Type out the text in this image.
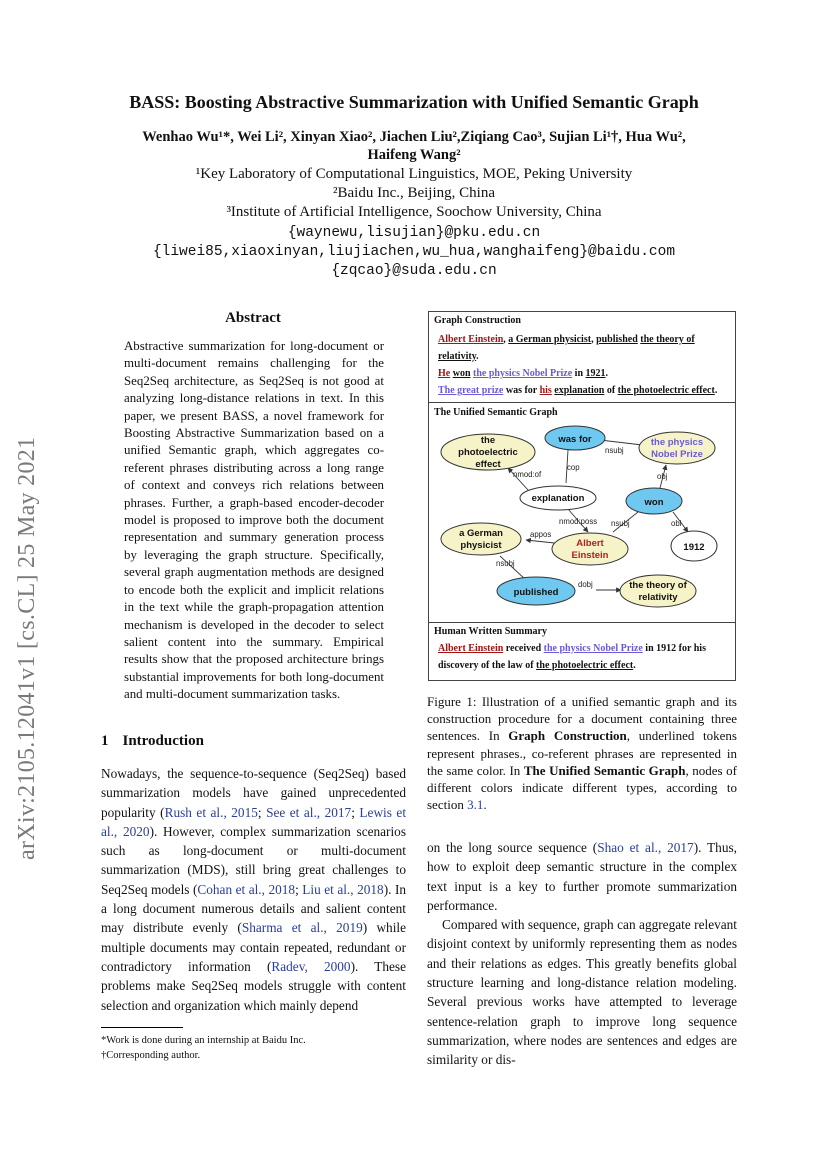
arXiv:2105.12041v1 [cs.CL] 25 May 2021
BASS: Boosting Abstractive Summarization with Unified Semantic Graph
Wenhao Wu¹*, Wei Li², Xinyan Xiao², Jiachen Liu²,Ziqiang Cao³, Sujian Li¹†, Hua Wu²,
Haifeng Wang²
¹Key Laboratory of Computational Linguistics, MOE, Peking University
²Baidu Inc., Beijing, China
³Institute of Artificial Intelligence, Soochow University, China
{waynewu,lisujian}@pku.edu.cn
{liwei85,xiaoxinyan,liujiachen,wu_hua,wanghaifeng}@baidu.com
{zqcao}@suda.edu.cn
Abstract
Abstractive summarization for long-document or multi-document remains challenging for the Seq2Seq architecture, as Seq2Seq is not good at analyzing long-distance relations in text. In this paper, we present BASS, a novel framework for Boosting Abstractive Summarization based on a unified Semantic graph, which aggregates co-referent phrases distributing across a long range of context and conveys rich relations between phrases. Further, a graph-based encoder-decoder model is proposed to improve both the document representation and summary generation process by leveraging the graph structure. Specifically, several graph augmentation methods are designed to encode both the explicit and implicit relations in the text while the graph-propagation attention mechanism is developed in the decoder to select salient content into the summary. Empirical results show that the proposed architecture brings substantial improvements for both long-document and multi-document summarization tasks.
1 Introduction
Nowadays, the sequence-to-sequence (Seq2Seq) based summarization models have gained unprecedented popularity (Rush et al., 2015; See et al., 2017; Lewis et al., 2020). However, complex summarization scenarios such as long-document or multi-document summarization (MDS), still bring great challenges to Seq2Seq models (Cohan et al., 2018; Liu et al., 2018). In a long document numerous details and salient content may distribute evenly (Sharma et al., 2019) while multiple documents may contain repeated, redundant or contradictory information (Radev, 2000). These problems make Seq2Seq models struggle with content selection and organization which mainly depend
*Work is done during an internship at Baidu Inc.
†Corresponding author.
Graph Construction
Albert Einstein, a German physicist, published the theory of relativity.
He won the physics Nobel Prize in 1921.
The great prize was for his explanation of the photoelectric effect.
The Unified Semantic Graph
the
photoelectric
effect
was for	the physics
Nobel Prize
explanation	won
a German
physicist	Albert
Einstein
1912
published
the theory of
relativity
nsubj
nmod:of
cop
obj
nmod:poss nsubj	obl
appos
nsubj
dobj
Human Written Summary
Albert Einstein received the physics Nobel Prize in 1912 for his discovery of the law of the photoelectric effect.
Figure 1: Illustration of a unified semantic graph and its construction procedure for a document containing three sentences. In Graph Construction, underlined tokens represent phrases., co-referent phrases are represented in the same color. In The Unified Semantic Graph, nodes of different colors indicate different types, according to section 3.1.

on the long source sequence (Shao et al., 2017). Thus, how to exploit deep semantic structure in the complex text input is a key to further promote summarization performance.

Compared with sequence, graph can aggregate relevant disjoint context by uniformly representing them as nodes and their relations as edges. This greatly benefits global structure learning and long-distance relation modeling. Several previous works have attempted to leverage sentence-relation graph to improve long sequence summarization, where nodes are sentences and edges are similarity or dis-
